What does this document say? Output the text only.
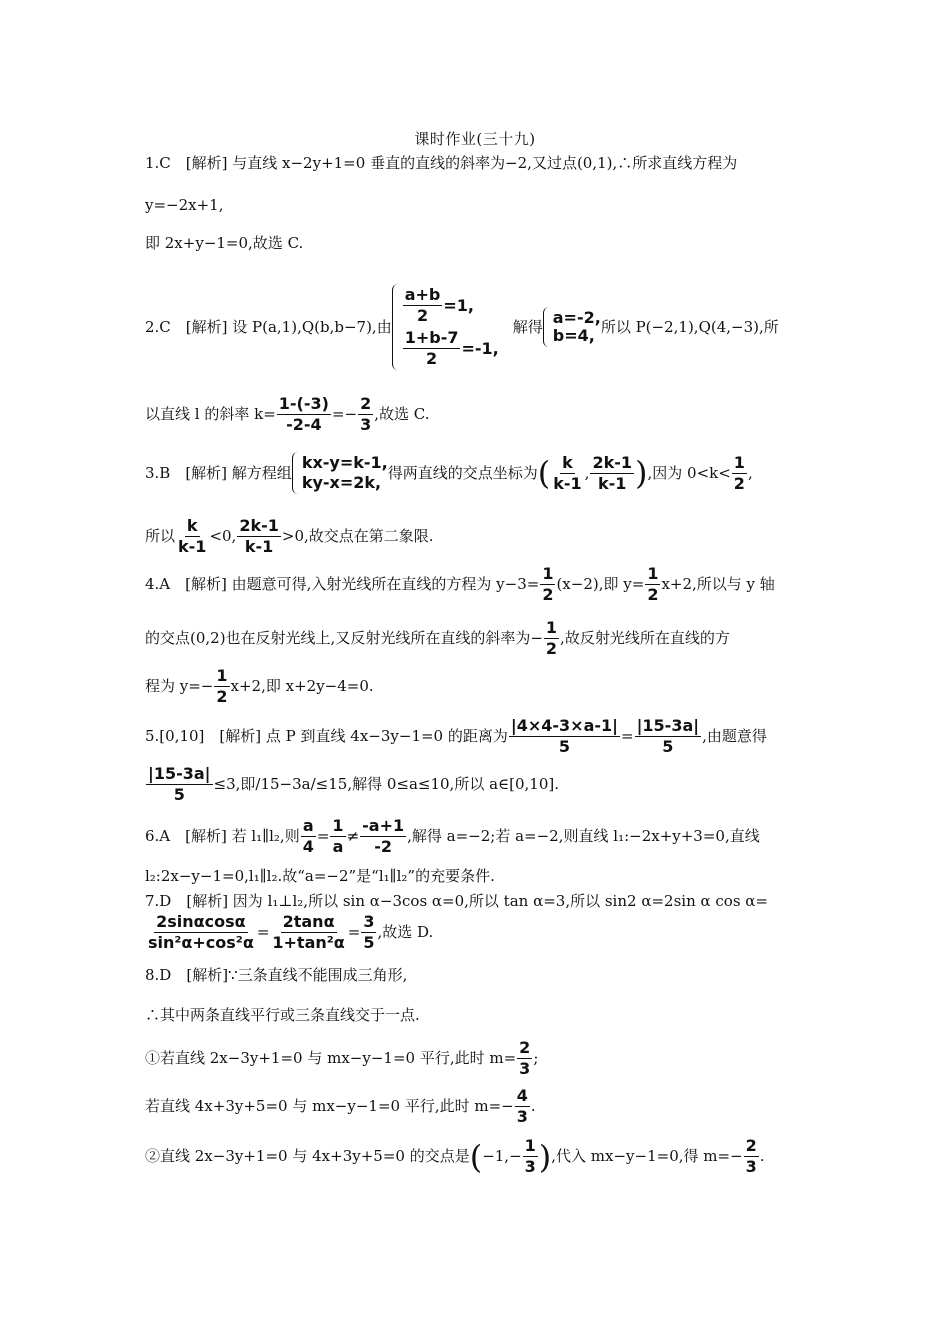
课时作业(三十九)
1.C　[解析] 与直线 x−2y+1=0 垂直的直线的斜率为−2,又过点(0,1),∴所求直线方程为
y=−2x+1,
即 2x+y−1=0,故选 C.
2.C　[解析] 设 P(a,1),Q(b,b−7),由
$\frac{a+b}{2} =1$,
$\frac{1+b-7}{2} =-1$,
解得 a=-2,
b=4, 所以 P(−2,1),Q(4,−3),所
以直线 l 的斜率 $k= \frac{1-(-3)}{-2-4} =- \frac{2}{3}$ ,故选 C.
3.B　[解析] 解方程组
kx-y=k-1,
ky-x=2k,
得两直线的交点坐标为 ( $\frac{k}{k-1}$ , $\frac{2k-1}{k-1}$ ) ,因为 $0<k< \frac{1}{2}$ ,
所以 $\frac{k}{k-1} <0$, $\frac{2k-1}{k-1} >0$,故交点在第二象限.
4.A　[解析] 由题意可得,入射光线所在直线的方程为 $y-3= \frac{1}{2} (x-2)$,即 $y= \frac{1}{2} x+2$,所以与 y 轴
的交点(0,2)也在反射光线上,又反射光线所在直线的斜率为− $\frac{1}{2}$ ,故反射光线所在直线的方
程为 $y=- \frac{1}{2} x+2$,即 x+2y−4=0.
5.[0,10]　[解析] 点 P 到直线 4x−3y−1=0 的距离为 $\frac{|4\times 4-3\times a-1|}{5} = \frac{|15-3a|}{5}$ ,由题意得
$\frac{|15-3a|}{5} \le 3$,即/15−3a/≤15,解得 0≤a≤10,所以 a∈[0,10].
6.A　[解析] 若 l₁∥l₂,则 $\frac{a}{4} = \frac{1}{a} \ne \frac{-a+1}{-2}$ ,解得 a=−2;若 a=−2,则直线 l₁:−2x+y+3=0,直线
l₂:2x−y−1=0,l₁∥l₂.故“a=−2”是“l₁∥l₂”的充要条件.
7.D　[解析] 因为 l₁⊥l₂,所以 sin α−3cos α=0,所以 tan α=3,所以 sin2 α=2sin α cos α=
$\frac{2\sin\alpha\cos\alpha}{\text{sin²α+cos²α}} = \frac{2\tan\alpha}{\text{1+tan²α}} = \frac{3}{5}$ ,故选 D.
8.D　[解析]∵三条直线不能围成三角形,
∴其中两条直线平行或三条直线交于一点.
①若直线 2x−3y+1=0 与 mx−y−1=0 平行,此时 $m= \frac{2}{3}$ ;
若直线 4x+3y+5=0 与 mx−y−1=0 平行,此时 $m=- \frac{4}{3}$ .
②直线 2x−3y+1=0 与 4x+3y+5=0 的交点是 ( $-1,- \frac{1}{3}$ ) ,代入 mx−y−1=0,得 $m=- \frac{2}{3}$ .
